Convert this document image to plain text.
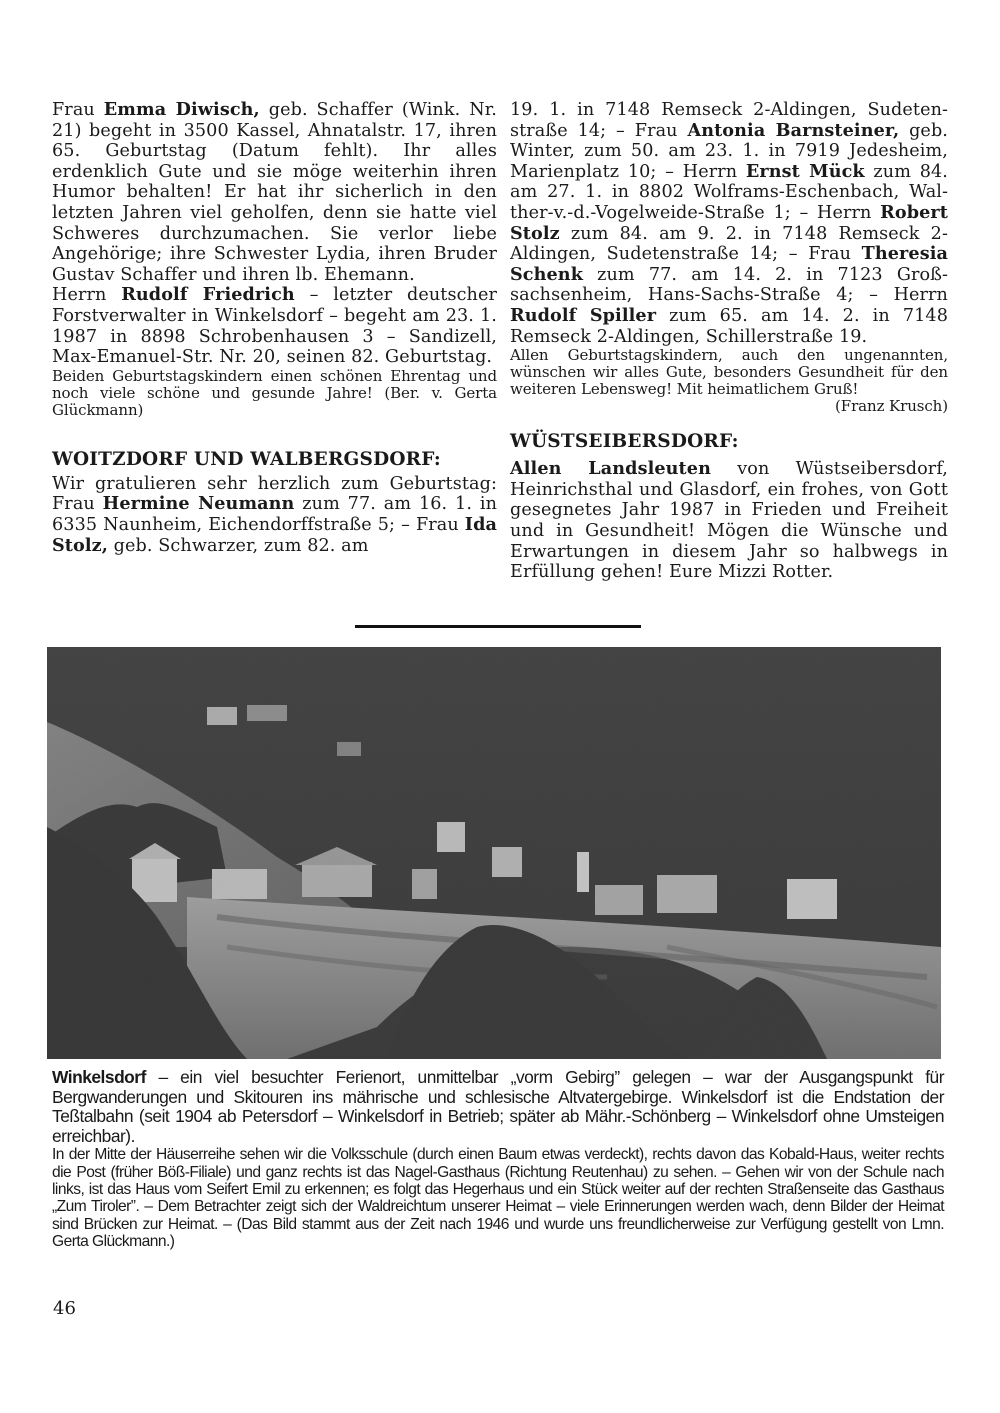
Frau Emma Diwisch, geb. Schaffer (Wink. Nr. 21) begeht in 3500 Kassel, Ahnatalstr. 17, ihren 65. Geburtstag (Datum fehlt). Ihr alles erdenklich Gute und sie möge weiterhin ihren Humor behalten! Er hat ihr sicherlich in den letzten Jahren viel geholfen, denn sie hatte viel Schweres durchzumachen. Sie verlor liebe Angehörige; ihre Schwester Lydia, ihren Bruder Gustav Schaffer und ihren lb. Ehemann.

Herrn Rudolf Friedrich – letzter deutscher Forstverwalter in Winkelsdorf – begeht am 23. 1. 1987 in 8898 Schrobenhausen 3 – Sandizell, Max-Emanuel-Str. Nr. 20, seinen 82. Geburtstag.

Beiden Geburtstagskindern einen schönen Ehrentag und noch viele schöne und gesunde Jahre! (Ber. v. Gerta Glückmann)

WOITZDORF UND WALBERGSDORF:

Wir gratulieren sehr herzlich zum Geburtstag: Frau Hermine Neumann zum 77. am 16. 1. in 6335 Naunheim, Eichendorffstraße 5; – Frau Ida Stolz, geb. Schwarzer, zum 82. am

19. 1. in 7148 Remseck 2-Aldingen, Sudetenstraße 14; – Frau Antonia Barnsteiner, geb. Winter, zum 50. am 23. 1. in 7919 Jedesheim, Marienplatz 10; – Herrn Ernst Mück zum 84. am 27. 1. in 8802 Wolframs-Eschenbach, Walther-v.-d.-Vogelweide-Straße 1; – Herrn Robert Stolz zum 84. am 9. 2. in 7148 Remseck 2-Aldingen, Sudetenstraße 14; – Frau Theresia Schenk zum 77. am 14. 2. in 7123 Großsachsenheim, Hans-Sachs-Straße 4; – Herrn Rudolf Spiller zum 65. am 14. 2. in 7148 Remseck 2-Aldingen, Schillerstraße 19.

Allen Geburtstagskindern, auch den ungenannten, wünschen wir alles Gute, besonders Gesundheit für den weiteren Lebensweg! Mit heimatlichem Gruß!

(Franz Krusch)

WÜSTSEIBERSDORF:

Allen Landsleuten von Wüstseibersdorf, Heinrichsthal und Glasdorf, ein frohes, von Gott gesegnetes Jahr 1987 in Frieden und Freiheit und in Gesundheit! Mögen die Wünsche und Erwartungen in diesem Jahr so halbwegs in Erfüllung gehen! Eure Mizzi Rotter.

Winkelsdorf – ein viel besuchter Ferienort, unmittelbar „vorm Gebirg” gelegen – war der Ausgangspunkt für Bergwanderungen und Skitouren ins mährische und schlesische Altvatergebirge. Winkelsdorf ist die Endstation der Teßtalbahn (seit 1904 ab Petersdorf – Winkelsdorf in Betrieb; später ab Mähr.-Schönberg – Winkelsdorf ohne Umsteigen erreichbar).

In der Mitte der Häuserreihe sehen wir die Volksschule (durch einen Baum etwas verdeckt), rechts davon das Kobald-Haus, weiter rechts die Post (früher Böß-Filiale) und ganz rechts ist das Nagel-Gasthaus (Richtung Reutenhau) zu sehen. – Gehen wir von der Schule nach links, ist das Haus vom Seifert Emil zu erkennen; es folgt das Hegerhaus und ein Stück weiter auf der rechten Straßenseite das Gasthaus „Zum Tiroler”. – Dem Betrachter zeigt sich der Waldreichtum unserer Heimat – viele Erinnerungen werden wach, denn Bilder der Heimat sind Brücken zur Heimat. – (Das Bild stammt aus der Zeit nach 1946 und wurde uns freundlicherweise zur Verfügung gestellt von Lmn. Gerta Glückmann.)

46
